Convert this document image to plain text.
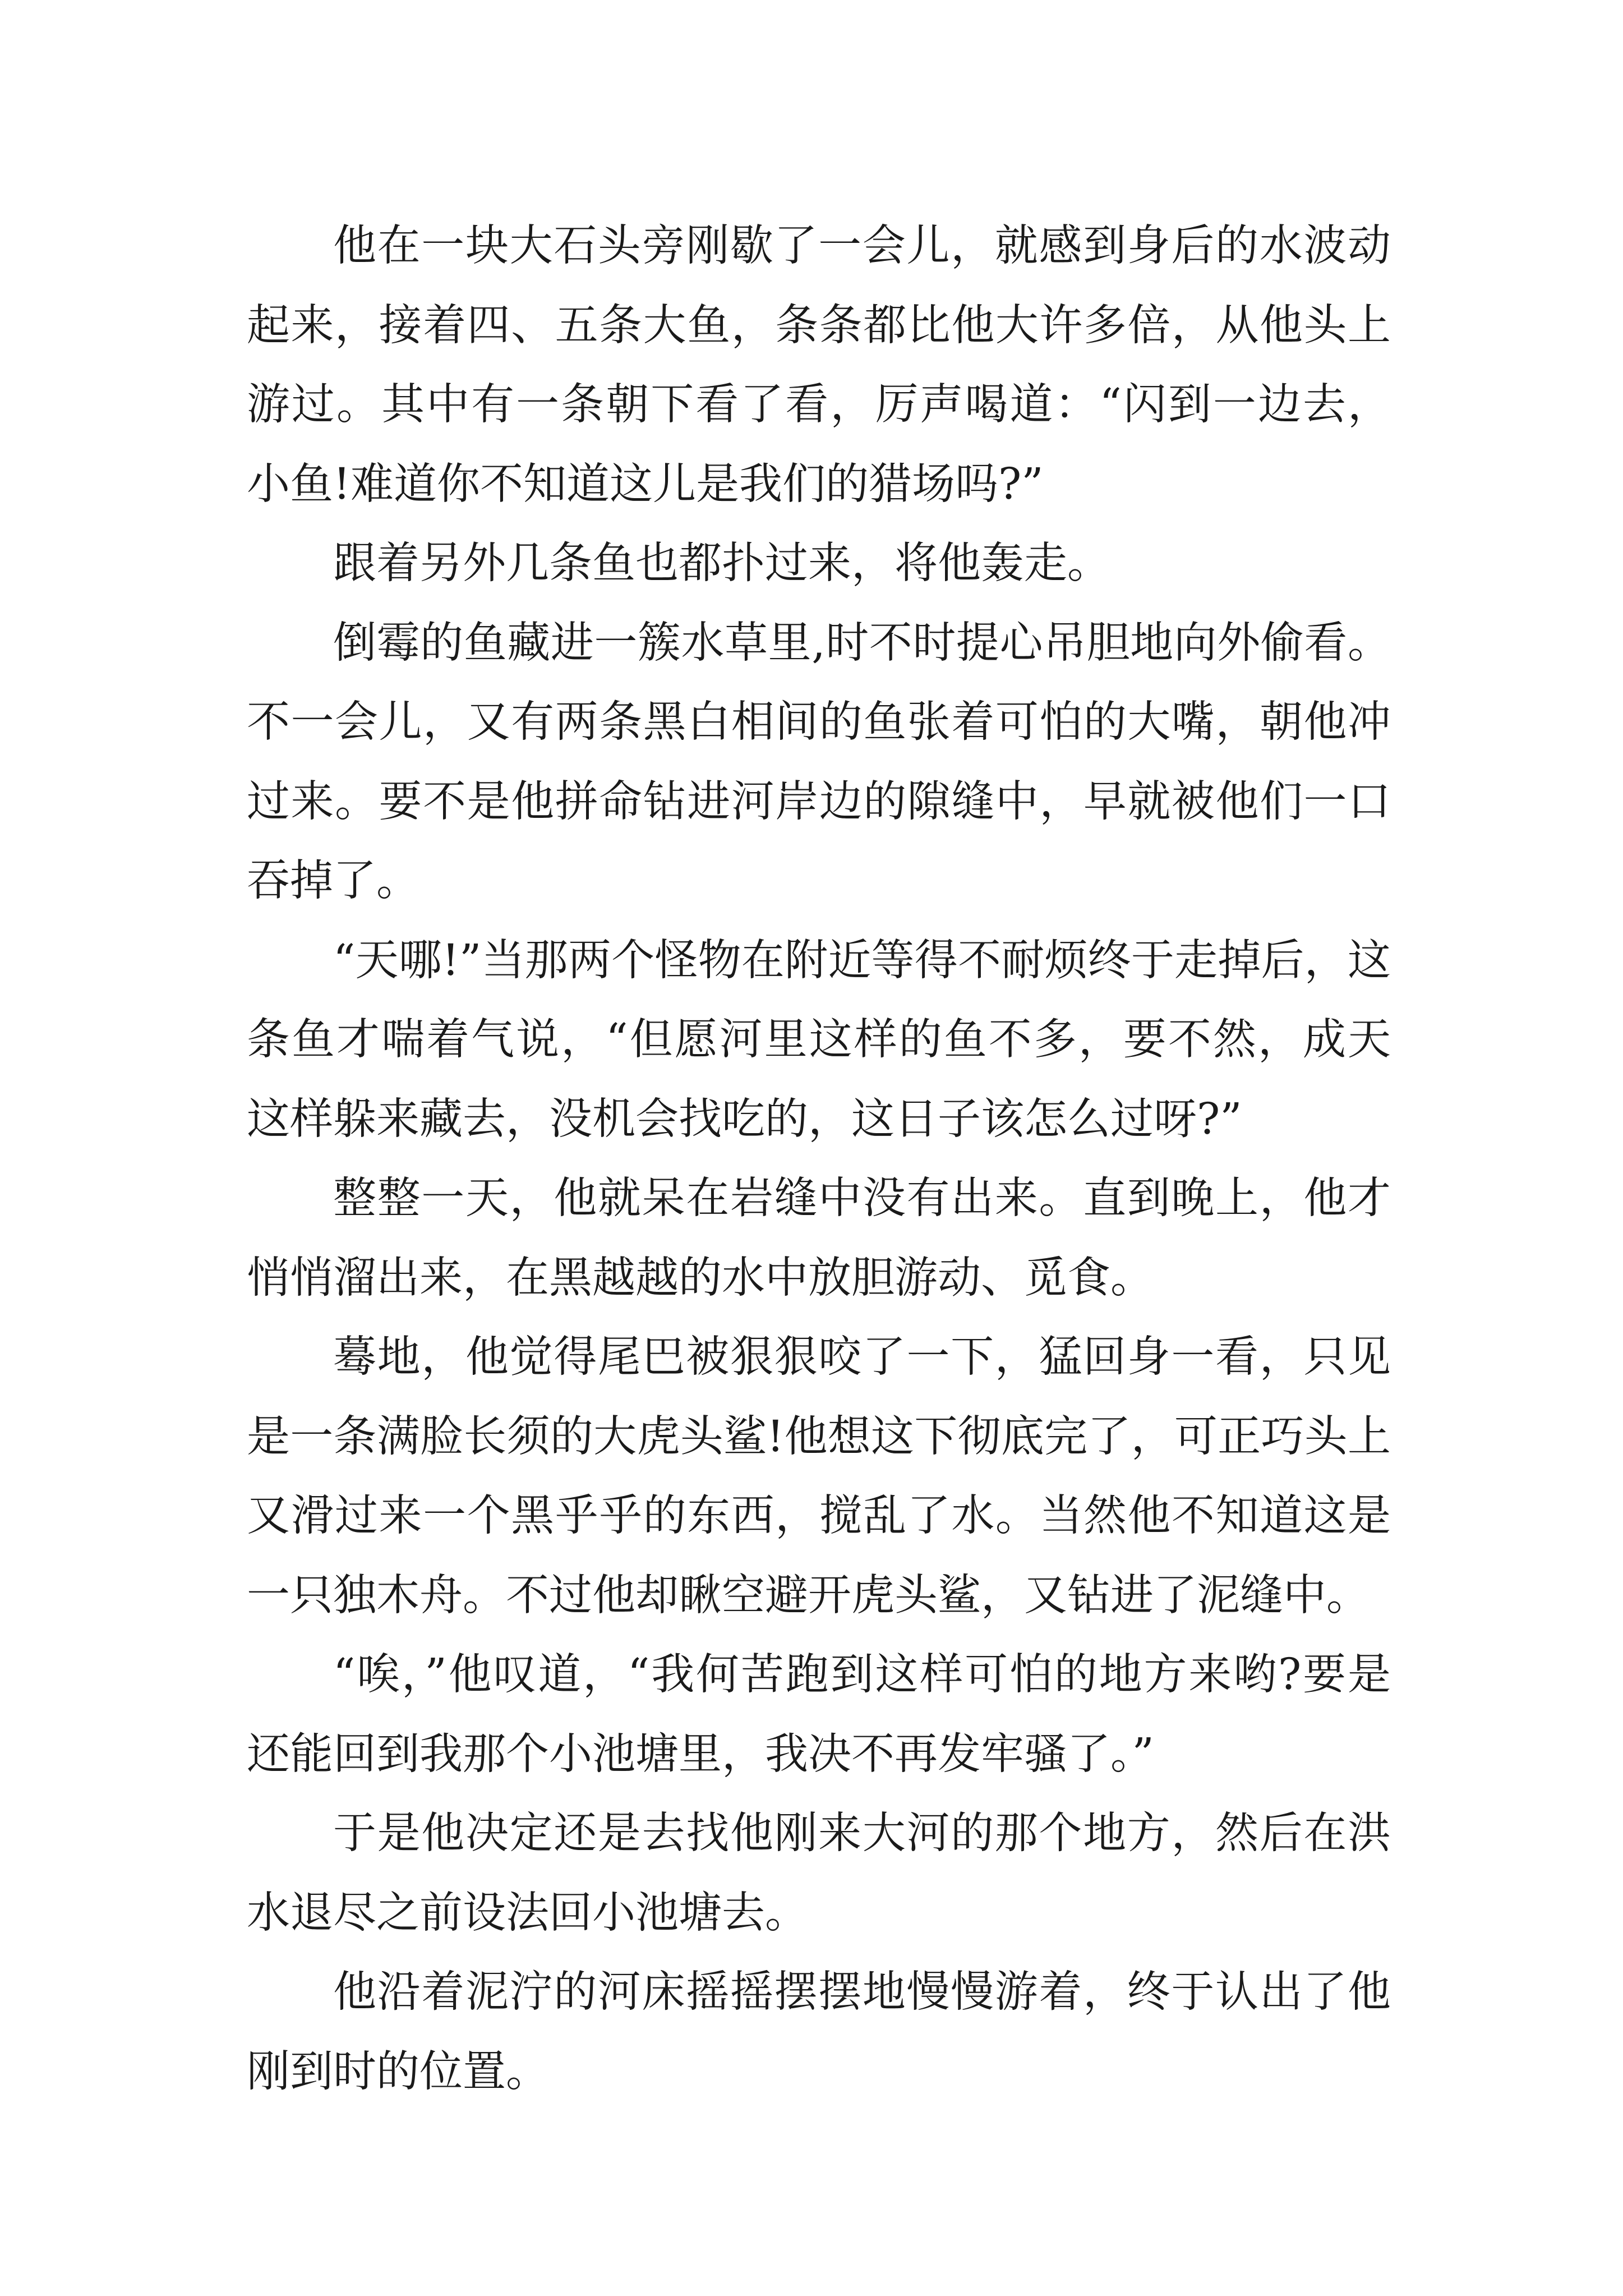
他在一块大石头旁刚歇了一会儿，就感到身后的水波动起来，接着四、五条大鱼，条条都比他大许多倍，从他头上游过。其中有一条朝下看了看，厉声喝道：“闪到一边去，小鱼!难道你不知道这儿是我们的猎场吗?”

跟着另外几条鱼也都扑过来，将他轰走。

倒霉的鱼藏进一簇水草里,时不时提心吊胆地向外偷看。不一会儿，又有两条黑白相间的鱼张着可怕的大嘴，朝他冲过来。要不是他拼命钻进河岸边的隙缝中，早就被他们一口吞掉了。

“天哪!”当那两个怪物在附近等得不耐烦终于走掉后，这条鱼才喘着气说，“但愿河里这样的鱼不多，要不然，成天这样躲来藏去，没机会找吃的，这日子该怎么过呀?”

整整一天，他就呆在岩缝中没有出来。直到晚上，他才悄悄溜出来，在黑越越的水中放胆游动、觅食。

蓦地，他觉得尾巴被狠狠咬了一下，猛回身一看，只见是一条满脸长须的大虎头鲨!他想这下彻底完了，可正巧头上又滑过来一个黑乎乎的东西，搅乱了水。当然他不知道这是一只独木舟。不过他却瞅空避开虎头鲨，又钻进了泥缝中。

“唉，”他叹道，“我何苦跑到这样可怕的地方来哟?要是还能回到我那个小池塘里，我决不再发牢骚了。”

于是他决定还是去找他刚来大河的那个地方，然后在洪水退尽之前设法回小池塘去。

他沿着泥泞的河床摇摇摆摆地慢慢游着，终于认出了他刚到时的位置。
